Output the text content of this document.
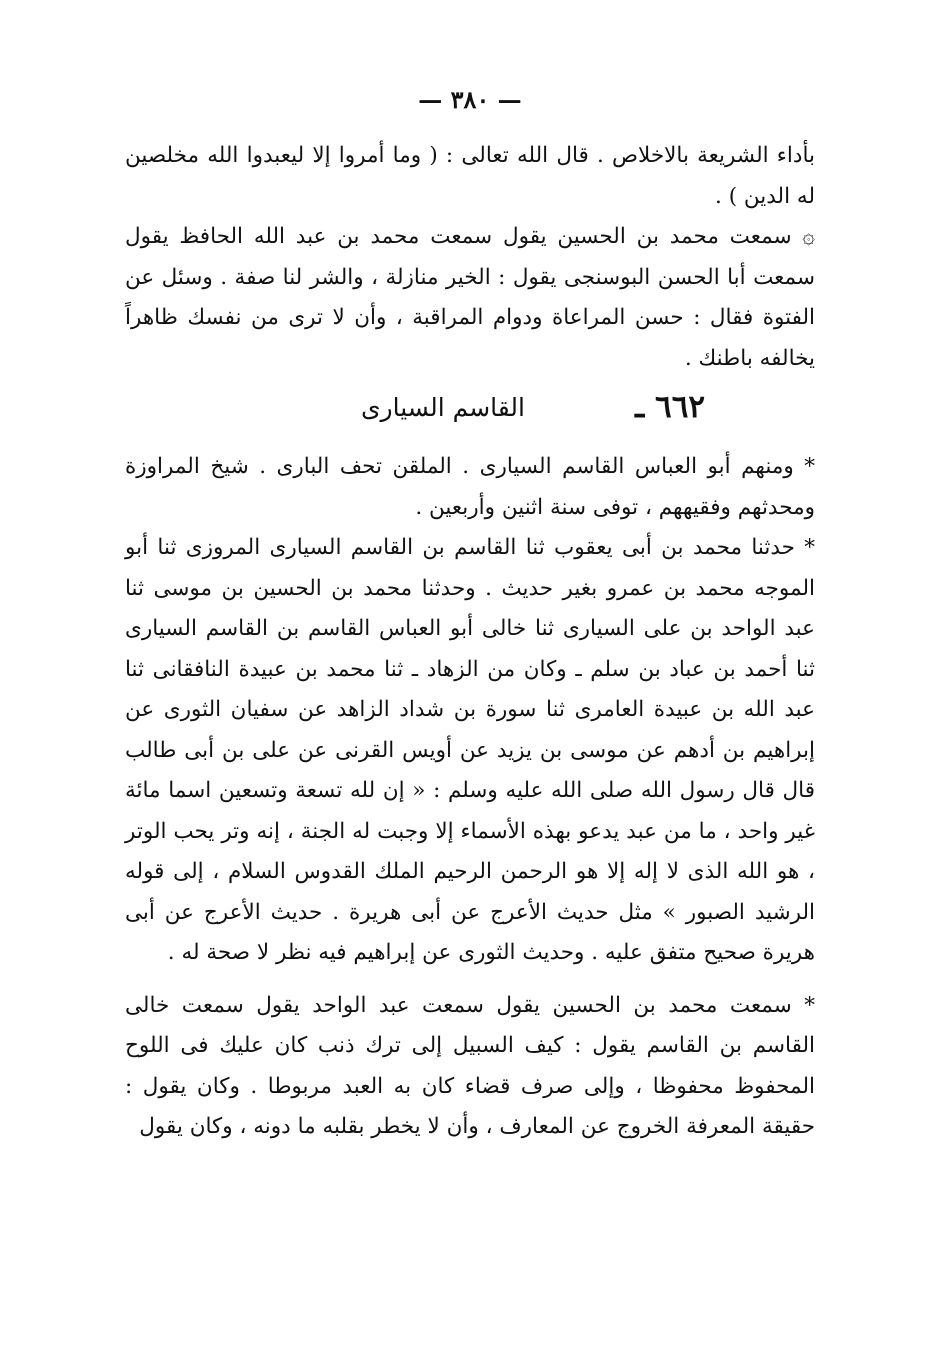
— ٣٨٠ —

بأداء الشريعة بالاخلاص . قال الله تعالى : ( وما أمروا إلا ليعبدوا الله مخلصين له الدين ) .

۞ سمعت محمد بن الحسين يقول سمعت محمد بن عبد الله الحافظ يقول سمعت أبا الحسن البوسنجى يقول : الخير منازلة ، والشر لنا صفة . وسئل عن الفتوة فقال : حسن المراعاة ودوام المراقبة ، وأن لا ترى من نفسك ظاهراً يخالفه باطنك .

٦٦٢ ـ
القاسم السيارى

* ومنهم أبو العباس القاسم السيارى . الملقن تحف البارى . شيخ المراوزة ومحدثهم وفقيههم ، توفى سنة اثنين وأربعين .

* حدثنا محمد بن أبى يعقوب ثنا القاسم بن القاسم السيارى المروزى ثنا أبو الموجه محمد بن عمرو بغير حديث . وحدثنا محمد بن الحسين بن موسى ثنا عبد الواحد بن على السيارى ثنا خالى أبو العباس القاسم بن القاسم السيارى ثنا أحمد بن عباد بن سلم ـ وكان من الزهاد ـ ثنا محمد بن عبيدة النافقانى ثنا عبد الله بن عبيدة العامرى ثنا سورة بن شداد الزاهد عن سفيان الثورى عن إبراهيم بن أدهم عن موسى بن يزيد عن أويس القرنى عن على بن أبى طالب قال قال رسول الله صلى الله عليه وسلم : « إن لله تسعة وتسعين اسما مائة غير واحد ، ما من عبد يدعو بهذه الأسماء إلا وجبت له الجنة ، إنه وتر يحب الوتر ، هو الله الذى لا إله إلا هو الرحمن الرحيم الملك القدوس السلام ، إلى قوله الرشيد الصبور » مثل حديث الأعرج عن أبى هريرة . حديث الأعرج عن أبى هريرة صحيح متفق عليه . وحديث الثورى عن إبراهيم فيه نظر لا صحة له .

* سمعت محمد بن الحسين يقول سمعت عبد الواحد يقول سمعت خالى القاسم بن القاسم يقول : كيف السبيل إلى ترك ذنب كان عليك فى اللوح المحفوظ محفوظا ، وإلى صرف قضاء كان به العبد مربوطا . وكان يقول : حقيقة المعرفة الخروج عن المعارف ، وأن لا يخطر بقلبه ما دونه ، وكان يقول
